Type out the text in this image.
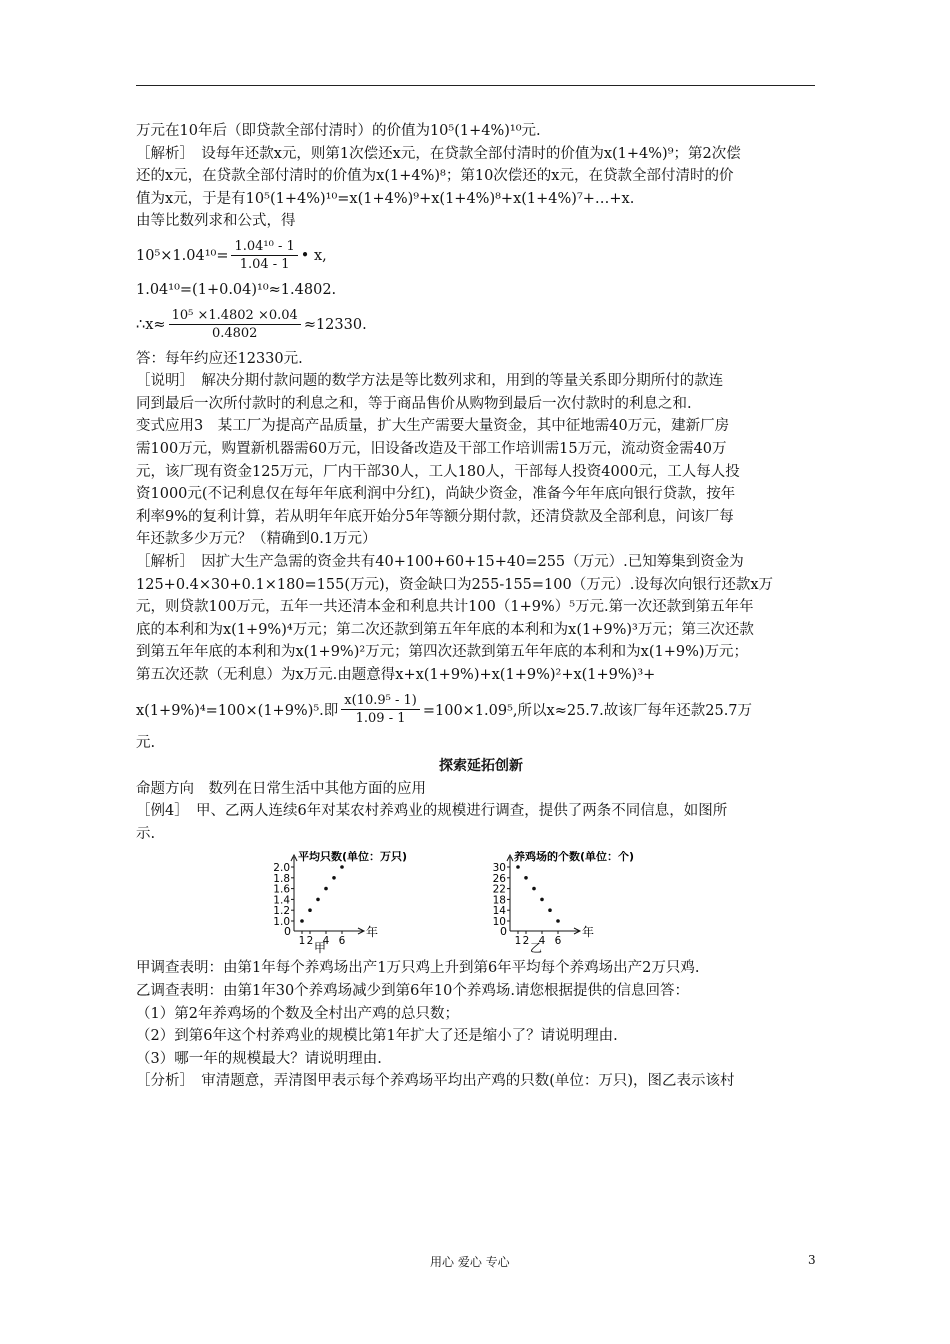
万元在10年后（即贷款全部付清时）的价值为10⁵(1+4%)¹⁰元.
［解析］　设每年还款x元，则第1次偿还x元，在贷款全部付清时的价值为x(1+4%)⁹；第2次偿
还的x元，在贷款全部付清时的价值为x(1+4%)⁸；第10次偿还的x元，在贷款全部付清时的价
值为x元，于是有10⁵(1+4%)¹⁰=x(1+4%)⁹+x(1+4%)⁸+x(1+4%)⁷+…+x.
由等比数列求和公式，得
$10^5\times 1.04^{10}= \frac{\text{1.04¹⁰ - 1}}{1.04 - 1}$ • x,
1.04¹⁰=(1+0.04)¹⁰≈1.4802.
∴x≈ $\frac{\text{10⁵ ×1.4802 ×0.04}}{0.4802} \approx 12330$.
答：每年约应还12330元.
［说明］　解决分期付款问题的数学方法是等比数列求和，用到的等量关系即分期所付的款连
同到最后一次所付款时的利息之和，等于商品售价从购物到最后一次付款时的利息之和.
变式应用3　某工厂为提高产品质量，扩大生产需要大量资金，其中征地需40万元，建新厂房
需100万元，购置新机器需60万元，旧设备改造及干部工作培训需15万元，流动资金需40万
元，该厂现有资金125万元，厂内干部30人，工人180人，干部每人投资4000元，工人每人投
资1000元(不记利息仅在每年年底利润中分红)，尚缺少资金，准备今年年底向银行贷款，按年
利率9%的复利计算，若从明年年底开始分5年等额分期付款，还清贷款及全部利息，问该厂每
年还款多少万元？（精确到0.1万元）
［解析］　因扩大生产急需的资金共有40+100+60+15+40=255（万元）.已知筹集到资金为
125+0.4×30+0.1×180=155(万元)，资金缺口为255-155=100（万元）.设每次向银行还款x万
元，则贷款100万元，五年一共还清本金和利息共计100（1+9%）⁵万元.第一次还款到第五年年
底的本利和为x(1+9%)⁴万元；第二次还款到第五年年底的本利和为x(1+9%)³万元；第三次还款
到第五年年底的本利和为x(1+9%)²万元；第四次还款到第五年年底的本利和为x(1+9%)万元；
第五次还款（无利息）为x万元.由题意得x+x(1+9%)+x(1+9%)²+x(1+9%)³+
x(1+9%)⁴=100×(1+9%)⁵.即 $\frac{\text{x(10.9⁵ - 1)}}{1.09 - 1} =100\times 1.09^5$,所以x≈25.7.故该厂每年还款25.7万
元.
探索延拓创新
命题方向　数列在日常生活中其他方面的应用
［例4］　甲、乙两人连续6年对某农村养鸡业的规模进行调查，提供了两条不同信息，如图所
示.
平均只数(单位：万只)
年
0
1.0
1.2
1.4
1.6
1.8
2.0
1 2 4 6
甲
养鸡场的个数(单位：个)
年
0
10
14
18
22
26
30
1 2 4 6
乙
甲调查表明：由第1年每个养鸡场出产1万只鸡上升到第6年平均每个养鸡场出产2万只鸡.
乙调查表明：由第1年30个养鸡场减少到第6年10个养鸡场.请您根据提供的信息回答：
（1）第2年养鸡场的个数及全村出产鸡的总只数；
（2）到第6年这个村养鸡业的规模比第1年扩大了还是缩小了？请说明理由.
（3）哪一年的规模最大？请说明理由.
［分析］　审清题意，弄清图甲表示每个养鸡场平均出产鸡的只数(单位：万只)，图乙表示该村
用心 爱心 专心	3
